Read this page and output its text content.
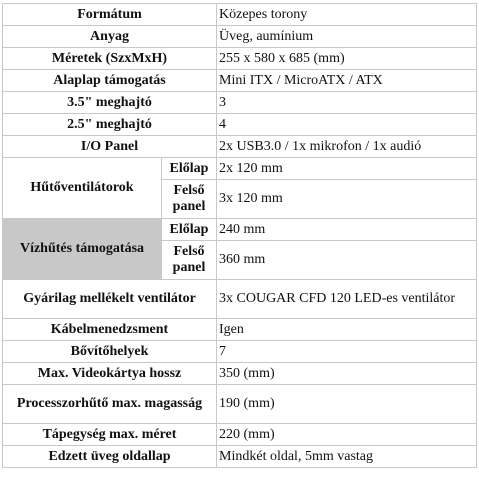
Formátum		Közepes torony
Anyag		Üveg, aumínium
Méretek (SzxMxH)		255 x 580 x 685 (mm)
Alaplap támogatás		Mini ITX / MicroATX / ATX
3.5" meghajtó		3
2.5" meghajtó		4
I/O Panel		2x USB3.0 / 1x mikrofon / 1x audió
Hűtőventilátorok	Előlap	2x 120 mm
	Felső panel	3x 120 mm
Vízhűtés támogatása	Előlap	240 mm
	Felső panel	360 mm
Gyárilag mellékelt ventilátor		3x COUGAR CFD 120 LED-es ventilátor
Kábelmenedzsment		Igen
Bővítőhelyek		7
Max. Videokártya hossz		350 (mm)
Processzorhűtő max. magasság		190 (mm)
Tápegység max. méret		220 (mm)
Edzett üveg oldallap		Mindkét oldal, 5mm vastag
